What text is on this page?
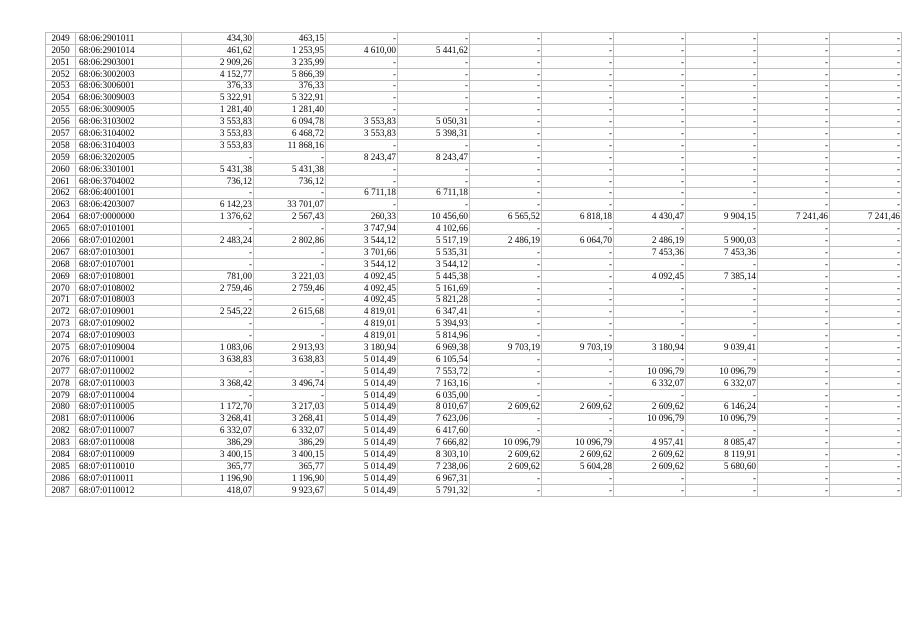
2049	68:06:2901011	434,30	463,15	-	-	-	-	-	-	-	-
2050	68:06:2901014	461,62	1 253,95	4 610,00	5 441,62	-	-	-	-	-	-
2051	68:06:2903001	2 909,26	3 235,99	-	-	-	-	-	-	-	-
2052	68:06:3002003	4 152,77	5 866,39	-	-	-	-	-	-	-	-
2053	68:06:3006001	376,33	376,33	-	-	-	-	-	-	-	-
2054	68:06:3009003	5 322,91	5 322,91	-	-	-	-	-	-	-	-
2055	68:06:3009005	1 281,40	1 281,40	-	-	-	-	-	-	-	-
2056	68:06:3103002	3 553,83	6 094,78	3 553,83	5 050,31	-	-	-	-	-	-
2057	68:06:3104002	3 553,83	6 468,72	3 553,83	5 398,31	-	-	-	-	-	-
2058	68:06:3104003	3 553,83	11 868,16	-	-	-	-	-	-	-	-
2059	68:06:3202005	-	-	8 243,47	8 243,47	-	-	-	-	-	-
2060	68:06:3301001	5 431,38	5 431,38	-	-	-	-	-	-	-	-
2061	68:06:3704002	736,12	736,12	-	-	-	-	-	-	-	-
2062	68:06:4001001	-	-	6 711,18	6 711,18	-	-	-	-	-	-
2063	68:06:4203007	6 142,23	33 701,07	-	-	-	-	-	-	-	-
2064	68:07:0000000	1 376,62	2 567,43	260,33	10 456,60	6 565,52	6 818,18	4 430,47	9 904,15	7 241,46	7 241,46
2065	68:07:0101001	-	-	3 747,94	4 102,66	-	-	-	-	-	-
2066	68:07:0102001	2 483,24	2 802,86	3 544,12	5 517,19	2 486,19	6 064,70	2 486,19	5 900,03	-	-
2067	68:07:0103001	-	-	3 701,66	5 535,31	-	-	7 453,36	7 453,36	-	-
2068	68:07:0107001	-	-	3 544,12	3 544,12	-	-	-	-	-	-
2069	68:07:0108001	781,00	3 221,03	4 092,45	5 445,38	-	-	4 092,45	7 385,14	-	-
2070	68:07:0108002	2 759,46	2 759,46	4 092,45	5 161,69	-	-	-	-	-	-
2071	68:07:0108003	-	-	4 092,45	5 821,28	-	-	-	-	-	-
2072	68:07:0109001	2 545,22	2 615,68	4 819,01	6 347,41	-	-	-	-	-	-
2073	68:07:0109002	-	-	4 819,01	5 394,93	-	-	-	-	-	-
2074	68:07:0109003	-	-	4 819,01	5 814,96	-	-	-	-	-	-
2075	68:07:0109004	1 083,06	2 913,93	3 180,94	6 969,38	9 703,19	9 703,19	3 180,94	9 039,41	-	-
2076	68:07:0110001	3 638,83	3 638,83	5 014,49	6 105,54	-	-	-	-	-	-
2077	68:07:0110002	-	-	5 014,49	7 553,72	-	-	10 096,79	10 096,79	-	-
2078	68:07:0110003	3 368,42	3 496,74	5 014,49	7 163,16	-	-	6 332,07	6 332,07	-	-
2079	68:07:0110004	-	-	5 014,49	6 035,00	-	-	-	-	-	-
2080	68:07:0110005	1 172,70	3 217,03	5 014,49	8 010,67	2 609,62	2 609,62	2 609,62	6 146,24	-	-
2081	68:07:0110006	3 268,41	3 268,41	5 014,49	7 623,06	-	-	10 096,79	10 096,79	-	-
2082	68:07:0110007	6 332,07	6 332,07	5 014,49	6 417,60	-	-	-	-	-	-
2083	68:07:0110008	386,29	386,29	5 014,49	7 666,82	10 096,79	10 096,79	4 957,41	8 085,47	-	-
2084	68:07:0110009	3 400,15	3 400,15	5 014,49	8 303,10	2 609,62	2 609,62	2 609,62	8 119,91	-	-
2085	68:07:0110010	365,77	365,77	5 014,49	7 238,06	2 609,62	5 604,28	2 609,62	5 680,60	-	-
2086	68:07:0110011	1 196,90	1 196,90	5 014,49	6 967,31	-	-	-	-	-	-
2087	68:07:0110012	418,07	9 923,67	5 014,49	5 791,32	-	-	-	-	-	-
